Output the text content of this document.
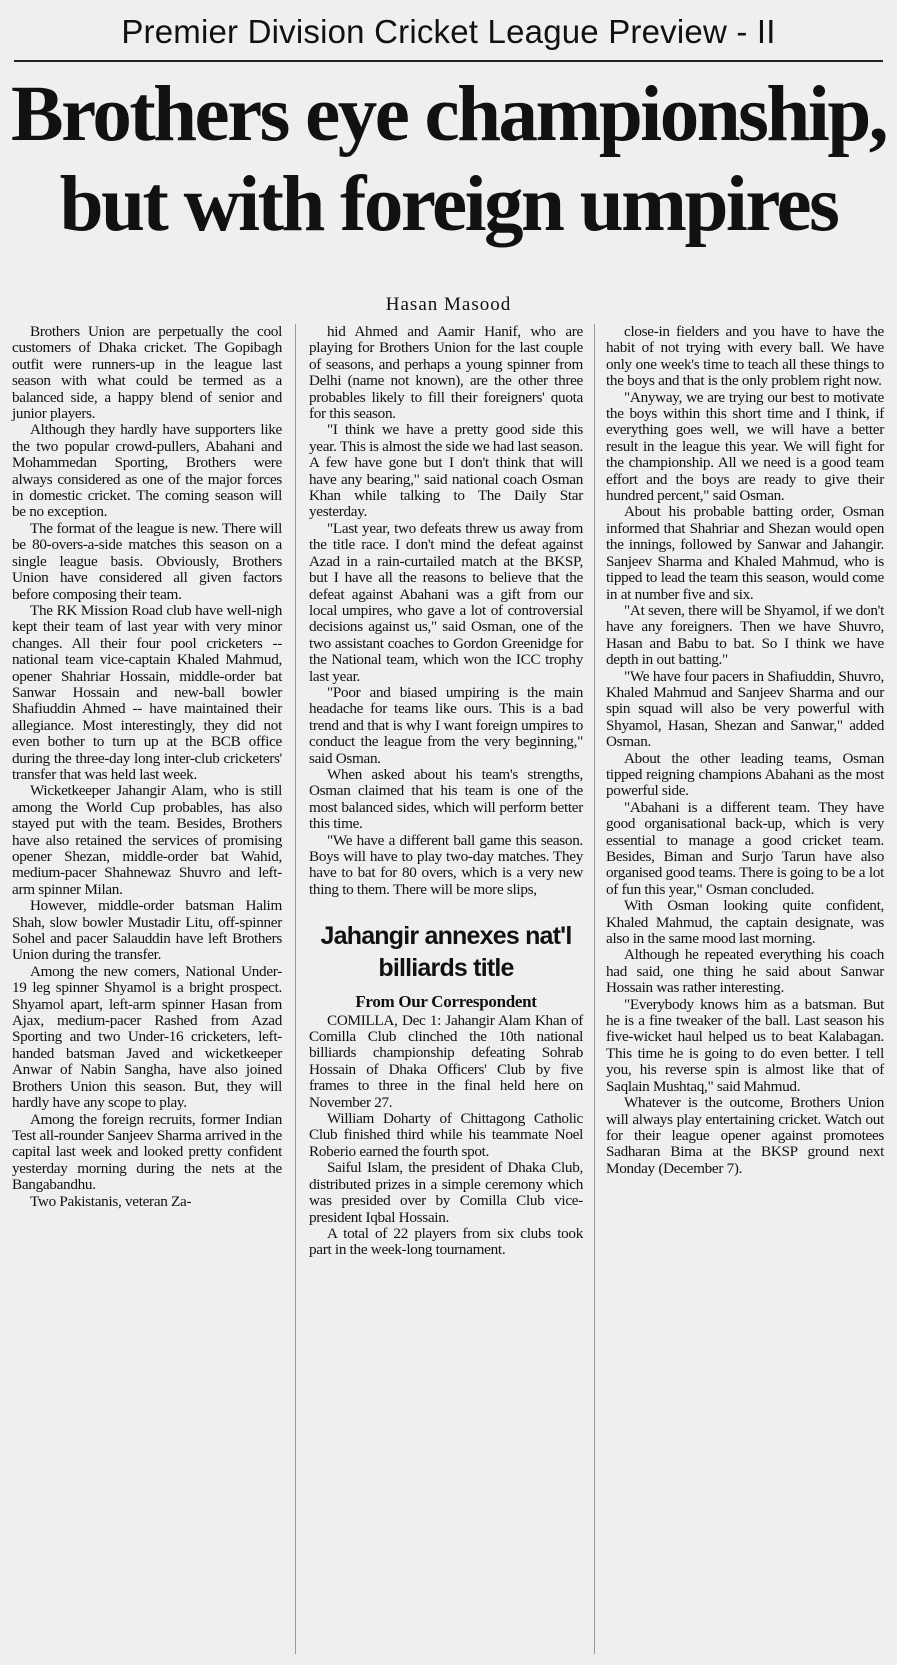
Premier Division Cricket League Preview - II
Brothers eye championship,
but with foreign umpires
Hasan Masood

Brothers Union are perpetually the cool customers of Dhaka cricket. The Gopibagh outfit were runners-up in the league last season with what could be termed as a balanced side, a happy blend of senior and junior players.

Although they hardly have supporters like the two popular crowd-pullers, Abahani and Mohammedan Sporting, Brothers were always considered as one of the major forces in domestic cricket. The coming season will be no exception.

The format of the league is new. There will be 80-overs-a-side matches this season on a single league basis. Obviously, Brothers Union have considered all given factors before composing their team.

The RK Mission Road club have well-nigh kept their team of last year with very minor changes. All their four pool cricketers -- national team vice-captain Khaled Mahmud, opener Shahriar Hossain, middle-order bat Sanwar Hossain and new-ball bowler Shafiuddin Ahmed -- have maintained their allegiance. Most interestingly, they did not even bother to turn up at the BCB office during the three-day long inter-club cricketers' transfer that was held last week.

Wicketkeeper Jahangir Alam, who is still among the World Cup probables, has also stayed put with the team. Besides, Brothers have also retained the services of promising opener Shezan, middle-order bat Wahid, medium-pacer Shahnewaz Shuvro and left-arm spinner Milan.

However, middle-order batsman Halim Shah, slow bowler Mustadir Litu, off-spinner Sohel and pacer Salauddin have left Brothers Union during the transfer.

Among the new comers, National Under-19 leg spinner Shyamol is a bright prospect. Shyamol apart, left-arm spinner Hasan from Ajax, medium-pacer Rashed from Azad Sporting and two Under-16 cricketers, left-handed batsman Javed and wicketkeeper Anwar of Nabin Sangha, have also joined Brothers Union this season. But, they will hardly have any scope to play.

Among the foreign recruits, former Indian Test all-rounder Sanjeev Sharma arrived in the capital last week and looked pretty confident yesterday morning during the nets at the Bangabandhu.

Two Pakistanis, veteran Za-

hid Ahmed and Aamir Hanif, who are playing for Brothers Union for the last couple of seasons, and perhaps a young spinner from Delhi (name not known), are the other three probables likely to fill their foreigners' quota for this season.

"I think we have a pretty good side this year. This is almost the side we had last season. A few have gone but I don't think that will have any bearing," said national coach Osman Khan while talking to The Daily Star yesterday.

"Last year, two defeats threw us away from the title race. I don't mind the defeat against Azad in a rain-curtailed match at the BKSP, but I have all the reasons to believe that the defeat against Abahani was a gift from our local umpires, who gave a lot of controversial decisions against us," said Osman, one of the two assistant coaches to Gordon Greenidge for the National team, which won the ICC trophy last year.

"Poor and biased umpiring is the main headache for teams like ours. This is a bad trend and that is why I want foreign umpires to conduct the league from the very beginning," said Osman.

When asked about his team's strengths, Osman claimed that his team is one of the most balanced sides, which will perform better this time.

"We have a different ball game this season. Boys will have to play two-day matches. They have to bat for 80 overs, which is a very new thing to them. There will be more slips,

Jahangir annexes nat'l billiards title
From Our Correspondent

COMILLA, Dec 1: Jahangir Alam Khan of Comilla Club clinched the 10th national billiards championship defeating Sohrab Hossain of Dhaka Officers' Club by five frames to three in the final held here on November 27.

William Doharty of Chittagong Catholic Club finished third while his teammate Noel Roberio earned the fourth spot.

Saiful Islam, the president of Dhaka Club, distributed prizes in a simple ceremony which was presided over by Comilla Club vice-president Iqbal Hossain.

A total of 22 players from six clubs took part in the week-long tournament.

close-in fielders and you have to have the habit of not trying with every ball. We have only one week's time to teach all these things to the boys and that is the only problem right now.

"Anyway, we are trying our best to motivate the boys within this short time and I think, if everything goes well, we will have a better result in the league this year. We will fight for the championship. All we need is a good team effort and the boys are ready to give their hundred percent," said Osman.

About his probable batting order, Osman informed that Shahriar and Shezan would open the innings, followed by Sanwar and Jahangir. Sanjeev Sharma and Khaled Mahmud, who is tipped to lead the team this season, would come in at number five and six.

"At seven, there will be Shyamol, if we don't have any foreigners. Then we have Shuvro, Hasan and Babu to bat. So I think we have depth in out batting."

"We have four pacers in Shafiuddin, Shuvro, Khaled Mahmud and Sanjeev Sharma and our spin squad will also be very powerful with Shyamol, Hasan, Shezan and Sanwar," added Osman.

About the other leading teams, Osman tipped reigning champions Abahani as the most powerful side.

"Abahani is a different team. They have good organisational back-up, which is very essential to manage a good cricket team. Besides, Biman and Surjo Tarun have also organised good teams. There is going to be a lot of fun this year," Osman concluded.

With Osman looking quite confident, Khaled Mahmud, the captain designate, was also in the same mood last morning.

Although he repeated everything his coach had said, one thing he said about Sanwar Hossain was rather interesting.

"Everybody knows him as a batsman. But he is a fine tweaker of the ball. Last season his five-wicket haul helped us to beat Kalabagan. This time he is going to do even better. I tell you, his reverse spin is almost like that of Saqlain Mushtaq," said Mahmud.

Whatever is the outcome, Brothers Union will always play entertaining cricket. Watch out for their league opener against promotees Sadharan Bima at the BKSP ground next Monday (December 7).
